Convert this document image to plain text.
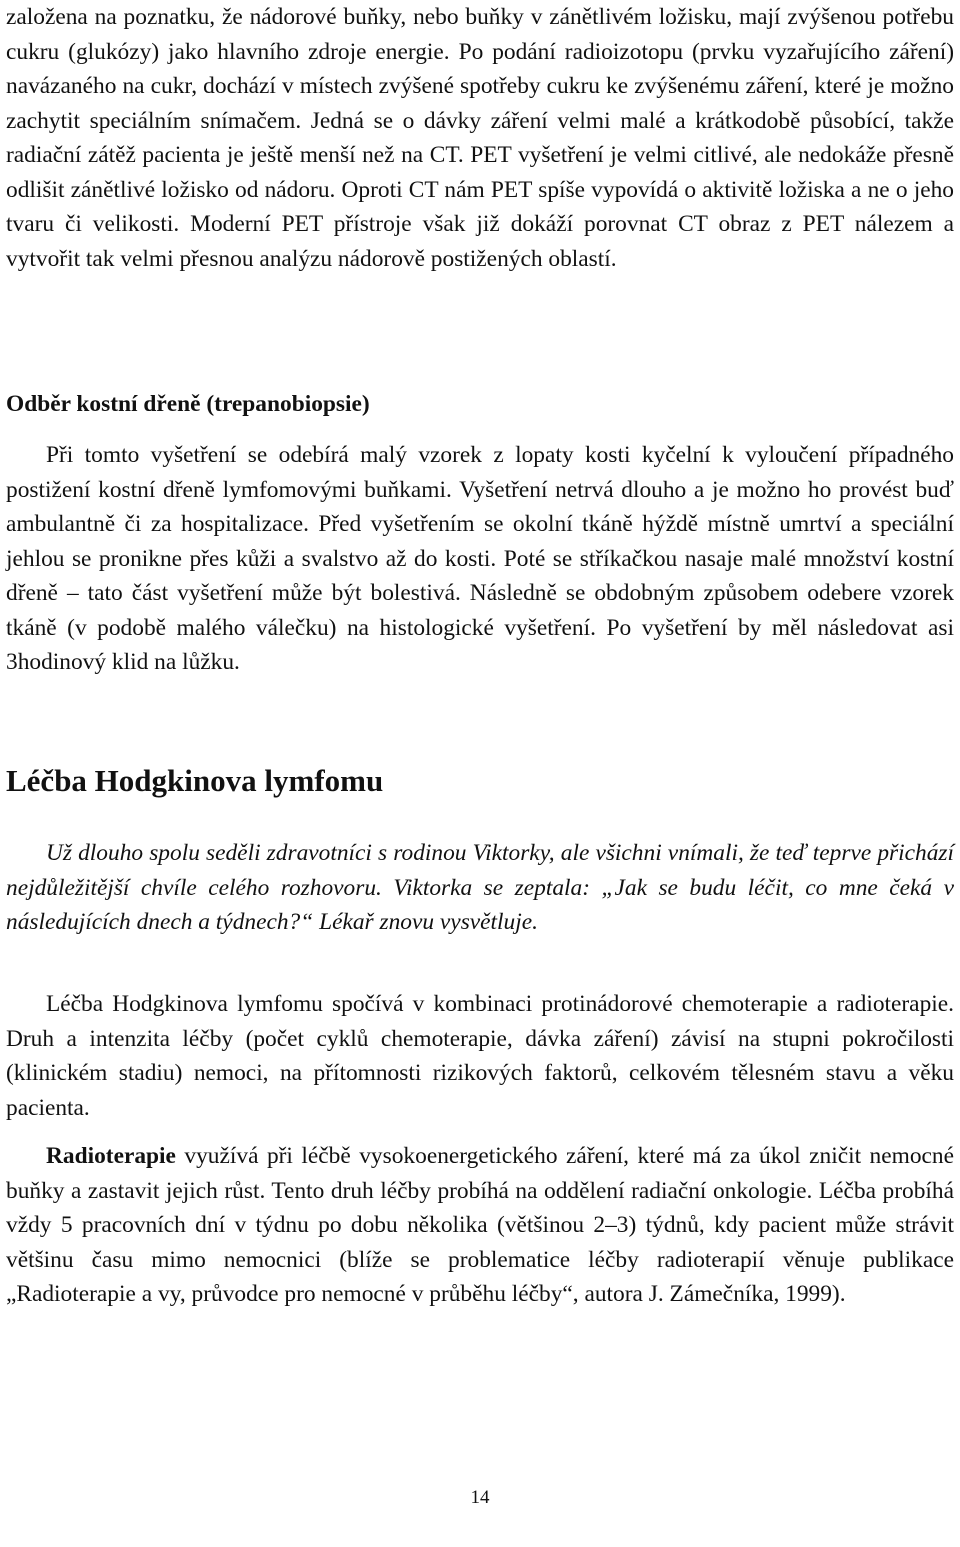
založena na poznatku, že nádorové buňky, nebo buňky v zánětlivém ložisku, mají zvýšenou potřebu cukru (glukózy) jako hlavního zdroje energie. Po podání radioizotopu (prvku vyzařujícího záření) navázaného na cukr, dochází v místech zvýšené spotřeby cukru ke zvýšenému záření, které je možno zachytit speciálním snímačem. Jedná se o dávky záření velmi malé a krátkodobě působící, takže radiační zátěž pacienta je ještě menší než na CT. PET vyšetření je velmi citlivé, ale nedokáže přesně odlišit zánětlivé ložisko od nádoru. Oproti CT nám PET spíše vypovídá o aktivitě ložiska a ne o jeho tvaru či velikosti. Moderní PET přístroje však již dokáží porovnat CT obraz z PET nálezem a vytvořit tak velmi přesnou analýzu nádorově postižených oblastí.

Odběr kostní dřeně (trepanobiopsie)

Při tomto vyšetření se odebírá malý vzorek z lopaty kosti kyčelní k vyloučení případného postižení kostní dřeně lymfomovými buňkami. Vyšetření netrvá dlouho a je možno ho provést buď ambulantně či za hospitalizace. Před vyšetřením se okolní tkáně hýždě místně umrtví a speciální jehlou se pronikne přes kůži a svalstvo až do kosti. Poté se stříkačkou nasaje malé množství kostní dřeně – tato část vyšetření může být bolestivá. Následně se obdobným způsobem odebere vzorek tkáně (v podobě malého válečku) na histologické vyšetření. Po vyšetření by měl následovat asi 3hodinový klid na lůžku.

Léčba Hodgkinova lymfomu

Už dlouho spolu seděli zdravotníci s rodinou Viktorky, ale všichni vnímali, že teď teprve přichází nejdůležitější chvíle celého rozhovoru. Viktorka se zeptala: „Jak se budu léčit, co mne čeká v následujících dnech a týdnech?“ Lékař znovu vysvětluje.

Léčba Hodgkinova lymfomu spočívá v kombinaci protinádorové chemoterapie a radioterapie. Druh a intenzita léčby (počet cyklů chemoterapie, dávka záření) závisí na stupni pokročilosti (klinickém stadiu) nemoci, na přítomnosti rizikových faktorů, celkovém tělesném stavu a věku pacienta.

Radioterapie využívá při léčbě vysokoenergetického záření, které má za úkol zničit nemocné buňky a zastavit jejich růst. Tento druh léčby probíhá na oddělení radiační onkologie. Léčba probíhá vždy 5 pracovních dní v týdnu po dobu několika (většinou 2–3) týdnů, kdy pacient může strávit většinu času mimo nemocnici (blíže se problematice léčby radioterapií věnuje publikace „Radioterapie a vy, průvodce pro nemocné v průběhu léčby“, autora J. Zámečníka, 1999).

14
